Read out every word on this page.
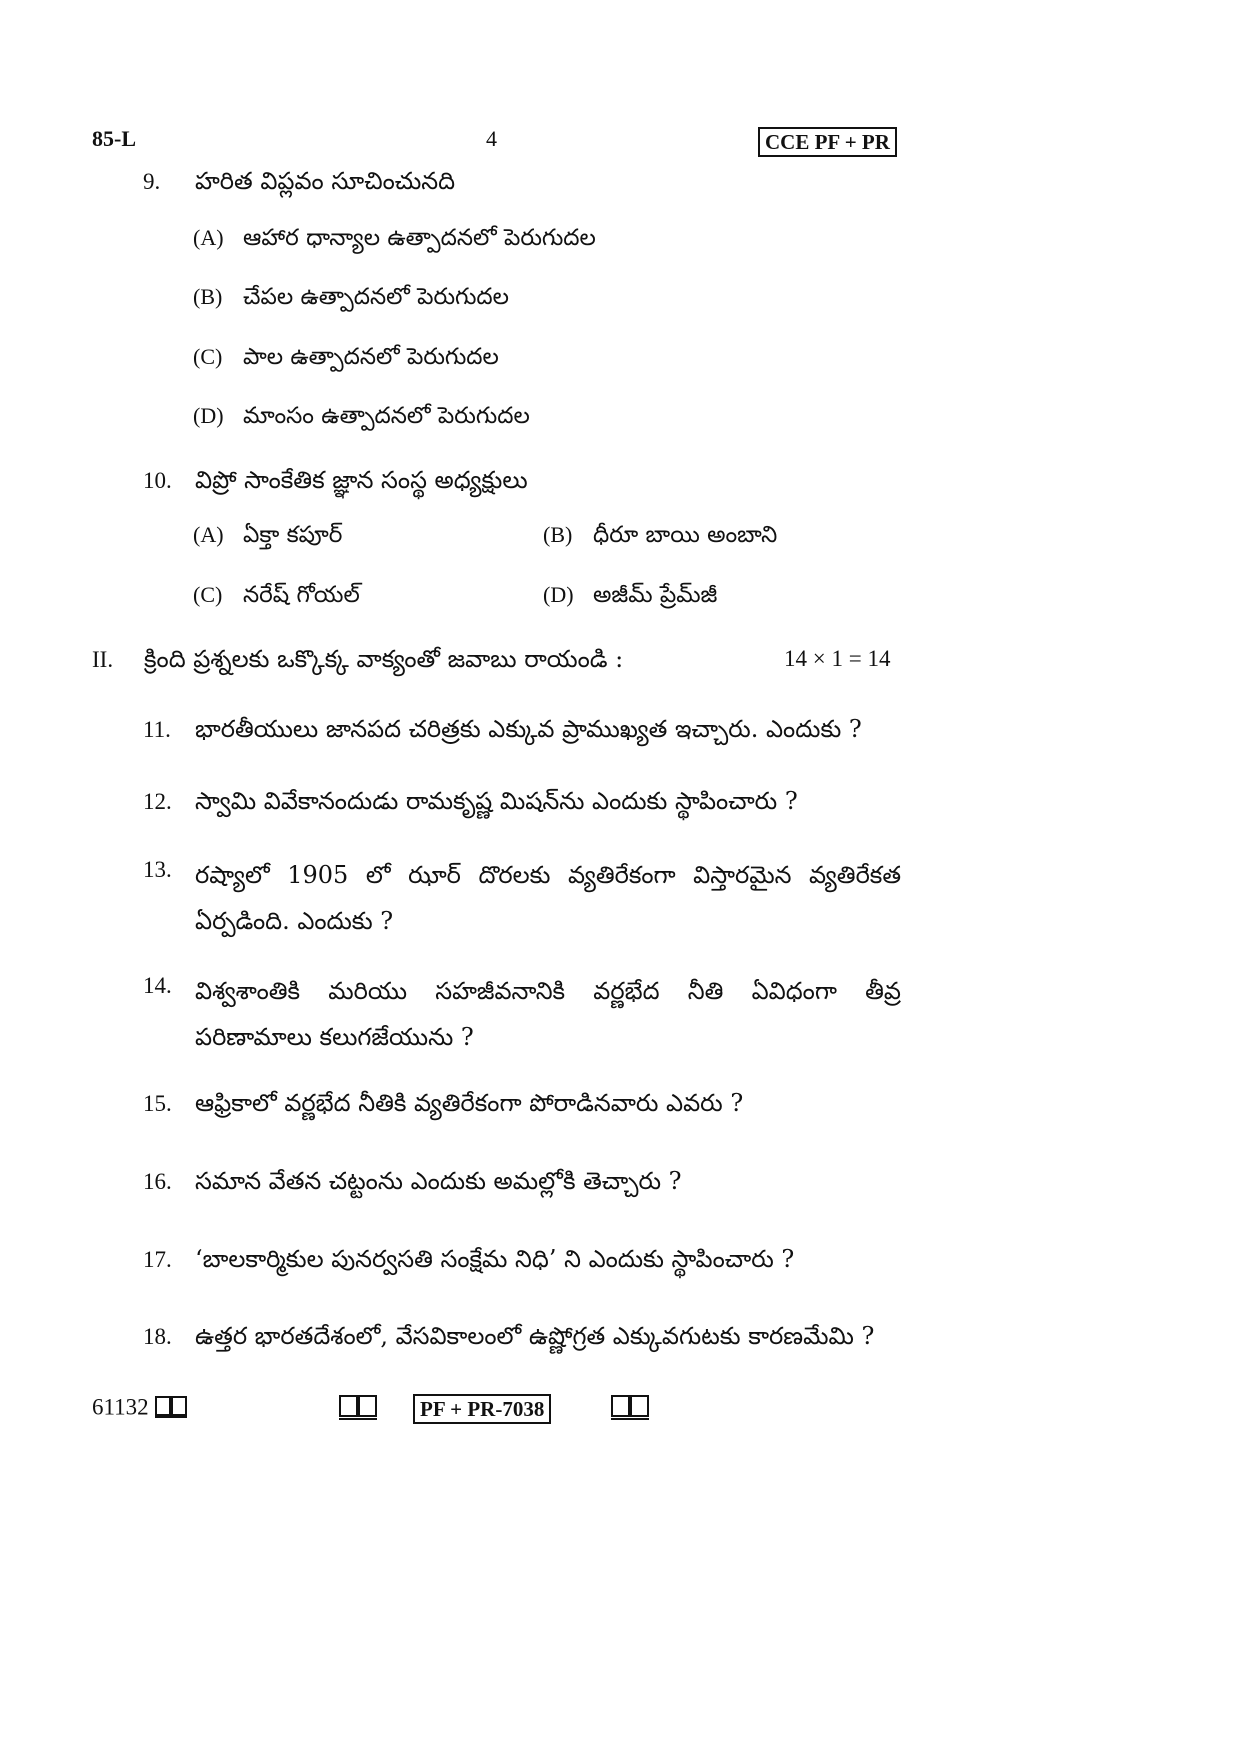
85-L	4	CCE PF + PR
9. హరిత విప్లవం సూచించునది
(A) ఆహార ధాన్యాల ఉత్పాదనలో పెరుగుదల
(B) చేపల ఉత్పాదనలో పెరుగుదల
(C) పాల ఉత్పాదనలో పెరుగుదల
(D) మాంసం ఉత్పాదనలో పెరుగుదల
10. విప్రో సాంకేతిక జ్ఞాన సంస్థ అధ్యక్షులు
(A) ఏక్తా కపూర్	(B) ధీరూ బాయి అంబాని
(C) నరేష్ గోయల్	(D) అజీమ్ ప్రేమ్‌జీ
II. క్రింది ప్రశ్నలకు ఒక్కొక్క వాక్యంతో జవాబు రాయండి :	14 × 1 = 14
11. భారతీయులు జానపద చరిత్రకు ఎక్కువ ప్రాముఖ్యత ఇచ్చారు. ఎందుకు ?
12. స్వామి వివేకానందుడు రామకృష్ణ మిషన్‌ను ఎందుకు స్థాపించారు ?
13. రష్యాలో 1905 లో ఝార్ దొరలకు వ్యతిరేకంగా విస్తారమైన వ్యతిరేకత ఏర్పడింది. ఎందుకు ?
14. విశ్వశాంతికి మరియు సహజీవనానికి వర్ణభేద నీతి ఏవిధంగా తీవ్ర పరిణామాలు కలుగజేయును ?
15. ఆఫ్రికాలో వర్ణభేద నీతికి వ్యతిరేకంగా పోరాడినవారు ఎవరు ?
16. సమాన వేతన చట్టంను ఎందుకు అమల్లోకి తెచ్చారు ?
17. ‘బాలకార్మికుల పునర్వసతి సంక్షేమ నిధి’ ని ఎందుకు స్థాపించారు ?
18. ఉత్తర భారతదేశంలో, వేసవికాలంలో ఉష్ణోగ్రత ఎక్కువగుటకు కారణమేమి ?
61132	PF + PR-7038
